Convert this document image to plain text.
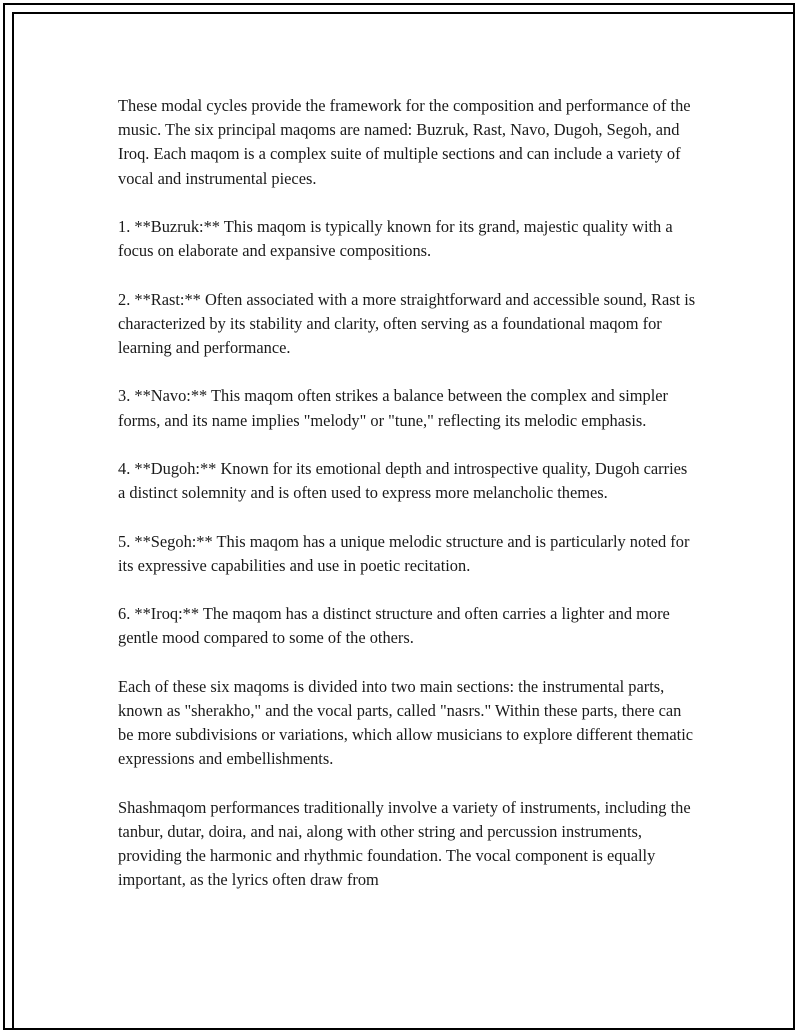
These modal cycles provide the framework for the composition and performance of the music. The six principal maqoms are named: Buzruk, Rast, Navo, Dugoh, Segoh, and Iroq. Each maqom is a complex suite of multiple sections and can include a variety of vocal and instrumental pieces.

1. **Buzruk:** This maqom is typically known for its grand, majestic quality with a focus on elaborate and expansive compositions.

2. **Rast:** Often associated with a more straightforward and accessible sound, Rast is characterized by its stability and clarity, often serving as a foundational maqom for learning and performance.

3. **Navo:** This maqom often strikes a balance between the complex and simpler forms, and its name implies "melody" or "tune," reflecting its melodic emphasis.

4. **Dugoh:** Known for its emotional depth and introspective quality, Dugoh carries a distinct solemnity and is often used to express more melancholic themes.

5. **Segoh:** This maqom has a unique melodic structure and is particularly noted for its expressive capabilities and use in poetic recitation.

6. **Iroq:** The maqom has a distinct structure and often carries a lighter and more gentle mood compared to some of the others.

Each of these six maqoms is divided into two main sections: the instrumental parts, known as "sherakho," and the vocal parts, called "nasrs." Within these parts, there can be more subdivisions or variations, which allow musicians to explore different thematic expressions and embellishments.

Shashmaqom performances traditionally involve a variety of instruments, including the tanbur, dutar, doira, and nai, along with other string and percussion instruments, providing the harmonic and rhythmic foundation. The vocal component is equally important, as the lyrics often draw from
